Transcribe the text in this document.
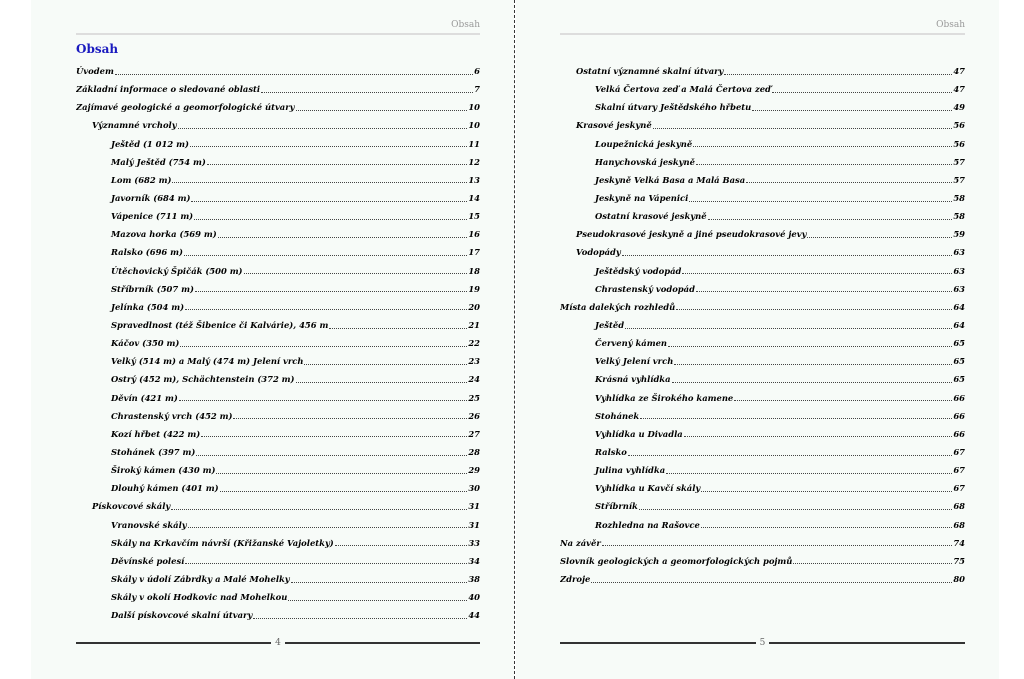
Obsah
Obsah
Úvodem	6
Základní informace o sledované oblasti	7
Zajímavé geologické a geomorfologické útvary	10
Významné vrcholy	10
Ještěd (1 012 m)	11
Malý Ještěd (754 m)	12
Lom (682 m)	13
Javorník (684 m)	14
Vápenice (711 m)	15
Mazova horka (569 m)	16
Ralsko (696 m)	17
Útěchovický Špičák (500 m)	18
Stříbrník (507 m)	19
Jelínka (504 m)	20
Spravedlnost (též Šibenice či Kalvárie), 456 m	21
Káčov (350 m)	22
Velký (514 m) a Malý (474 m) Jelení vrch	23
Ostrý (452 m), Schächtenstein (372 m)	24
Děvín (421 m)	25
Chrastenský vrch (452 m)	26
Kozí hřbet (422 m)	27
Stohánek (397 m)	28
Široký kámen (430 m)	29
Dlouhý kámen (401 m)	30
Pískovcové skály	31
Vranovské skály	31
Skály na Krkavčím návrší (Křižanské Vajoletky)	33
Děvínské polesí	34
Skály v údolí Zábrdky a Malé Mohelky	38
Skály v okolí Hodkovic nad Mohelkou	40
Další pískovcové skalní útvary	44
4
Obsah
Ostatní významné skalní útvary	47
Velká Čertova zeď a Malá Čertova zeď	47
Skalní útvary Ještědského hřbetu	49
Krasové jeskyně	56
Loupežnická jeskyně	56
Hanychovská jeskyně	57
Jeskyně Velká Basa a Malá Basa	57
Jeskyně na Vápenici	58
Ostatní krasové jeskyně	58
Pseudokrasové jeskyně a jiné pseudokrasové jevy	59
Vodopády	63
Ještědský vodopád	63
Chrastenský vodopád	63
Místa dalekých rozhledů	64
Ještěd	64
Červený kámen	65
Velký Jelení vrch	65
Krásná vyhlídka	65
Vyhlídka ze Širokého kamene	66
Stohánek	66
Vyhlídka u Divadla	66
Ralsko	67
Julina vyhlídka	67
Vyhlídka u Kavčí skály	67
Stříbrník	68
Rozhledna na Rašovce	68
Na závěr	74
Slovník geologických a geomorfologických pojmů	75
Zdroje	80
5
